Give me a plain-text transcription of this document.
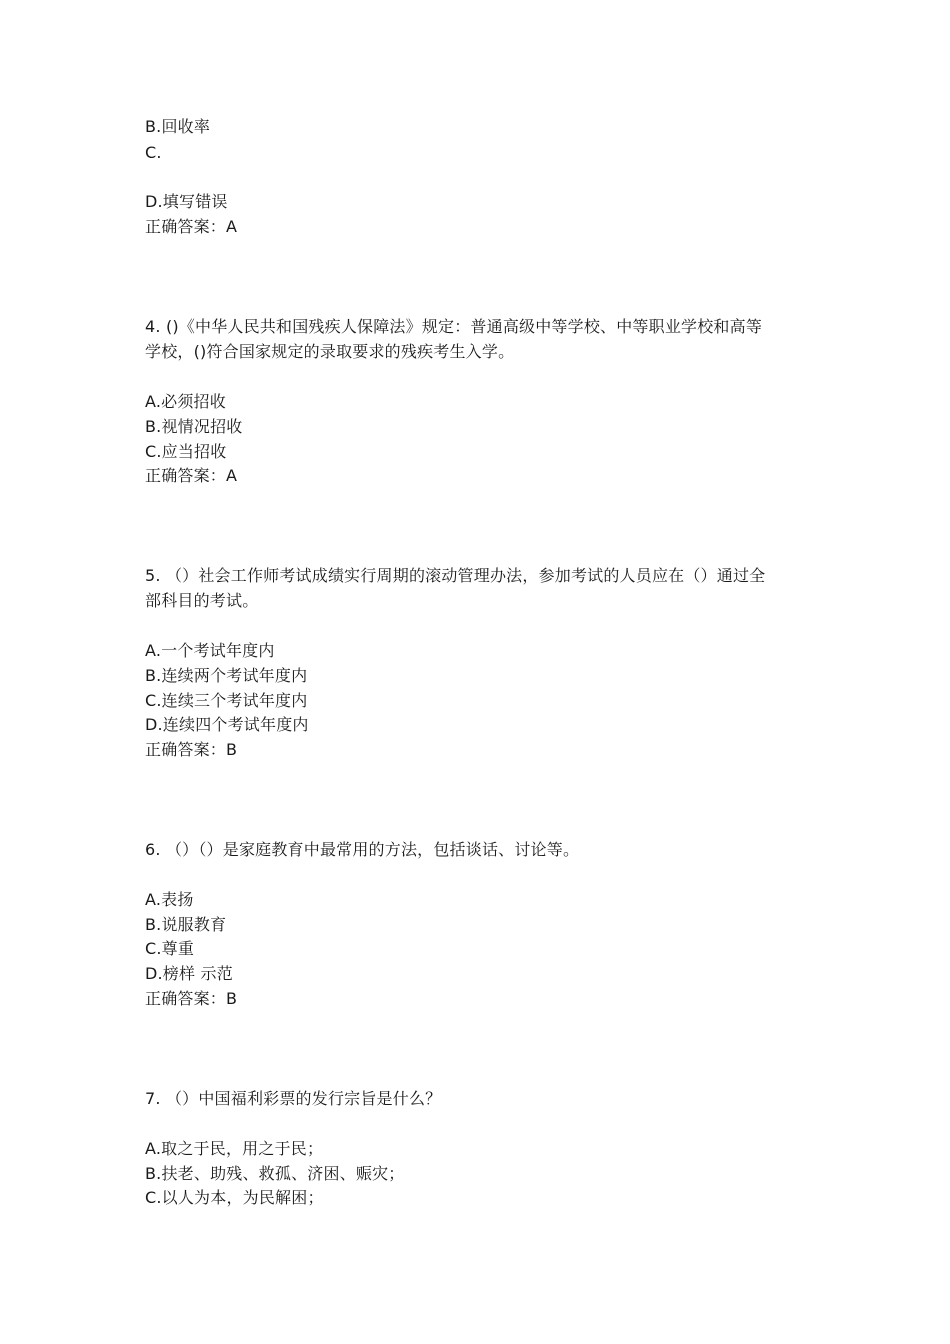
B.回收率
C.
D.填写错误
正确答案：A
4. ()《中华人民共和国残疾人保障法》规定：普通高级中等学校、中等职业学校和高等
学校，()符合国家规定的录取要求的残疾考生入学。
A.必须招收
B.视情况招收
C.应当招收
正确答案：A
5. （）社会工作师考试成绩实行周期的滚动管理办法，参加考试的人员应在（）通过全
部科目的考试。
A.一个考试年度内
B.连续两个考试年度内
C.连续三个考试年度内
D.连续四个考试年度内
正确答案：B
6. （）（）是家庭教育中最常用的方法，包括谈话、讨论等。
A.表扬
B.说服教育
C.尊重
D.榜样 示范
正确答案：B
7. （）中国福利彩票的发行宗旨是什么？
A.取之于民，用之于民；
B.扶老、助残、救孤、济困、赈灾；
C.以人为本，为民解困；
